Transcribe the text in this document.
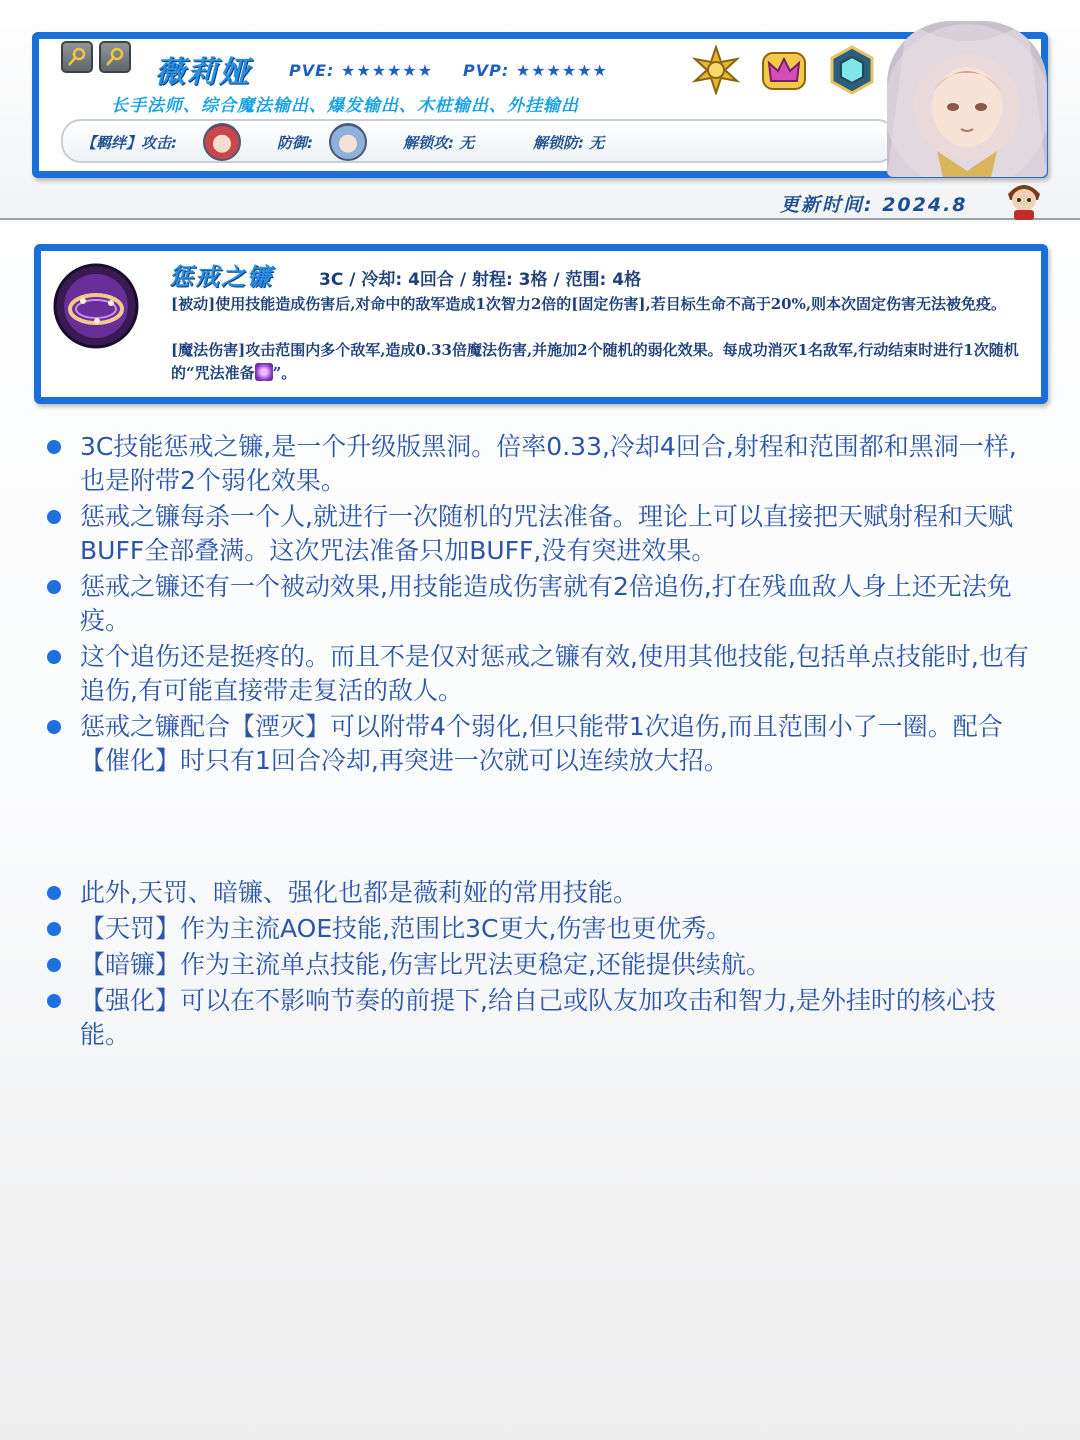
薇莉娅 PVE: ★★★★★★ PVP: ★★★★★★
长手法师、综合魔法输出、爆发输出、木桩输出、外挂输出
【羁绊】攻击:	防御:	解锁攻: 无	解锁防: 无
更新时间: 2024.8
惩戒之镰	3C / 冷却: 4回合 / 射程: 3格 / 范围: 4格
[被动]使用技能造成伤害后,对命中的敌军造成1次智力2倍的[固定伤害],若目标生命不高于20%,则本次固定伤害无法被免疫。
[魔法伤害]攻击范围内多个敌军,造成0.33倍魔法伤害,并施加2个随机的弱化效果。每成功消灭1名敌军,行动结束时进行1次随机的“咒法准备 ”。
3C技能惩戒之镰,是一个升级版黑洞。倍率0.33,冷却4回合,射程和范围都和黑洞一样,也是附带2个弱化效果。
惩戒之镰每杀一个人,就进行一次随机的咒法准备。理论上可以直接把天赋射程和天赋BUFF全部叠满。这次咒法准备只加BUFF,没有突进效果。
惩戒之镰还有一个被动效果,用技能造成伤害就有2倍追伤,打在残血敌人身上还无法免疫。
这个追伤还是挺疼的。而且不是仅对惩戒之镰有效,使用其他技能,包括单点技能时,也有追伤,有可能直接带走复活的敌人。
惩戒之镰配合【湮灭】可以附带4个弱化,但只能带1次追伤,而且范围小了一圈。配合【催化】时只有1回合冷却,再突进一次就可以连续放大招。
此外,天罚、暗镰、强化也都是薇莉娅的常用技能。
【天罚】作为主流AOE技能,范围比3C更大,伤害也更优秀。
【暗镰】作为主流单点技能,伤害比咒法更稳定,还能提供续航。
【强化】可以在不影响节奏的前提下,给自己或队友加攻击和智力,是外挂时的核心技能。
